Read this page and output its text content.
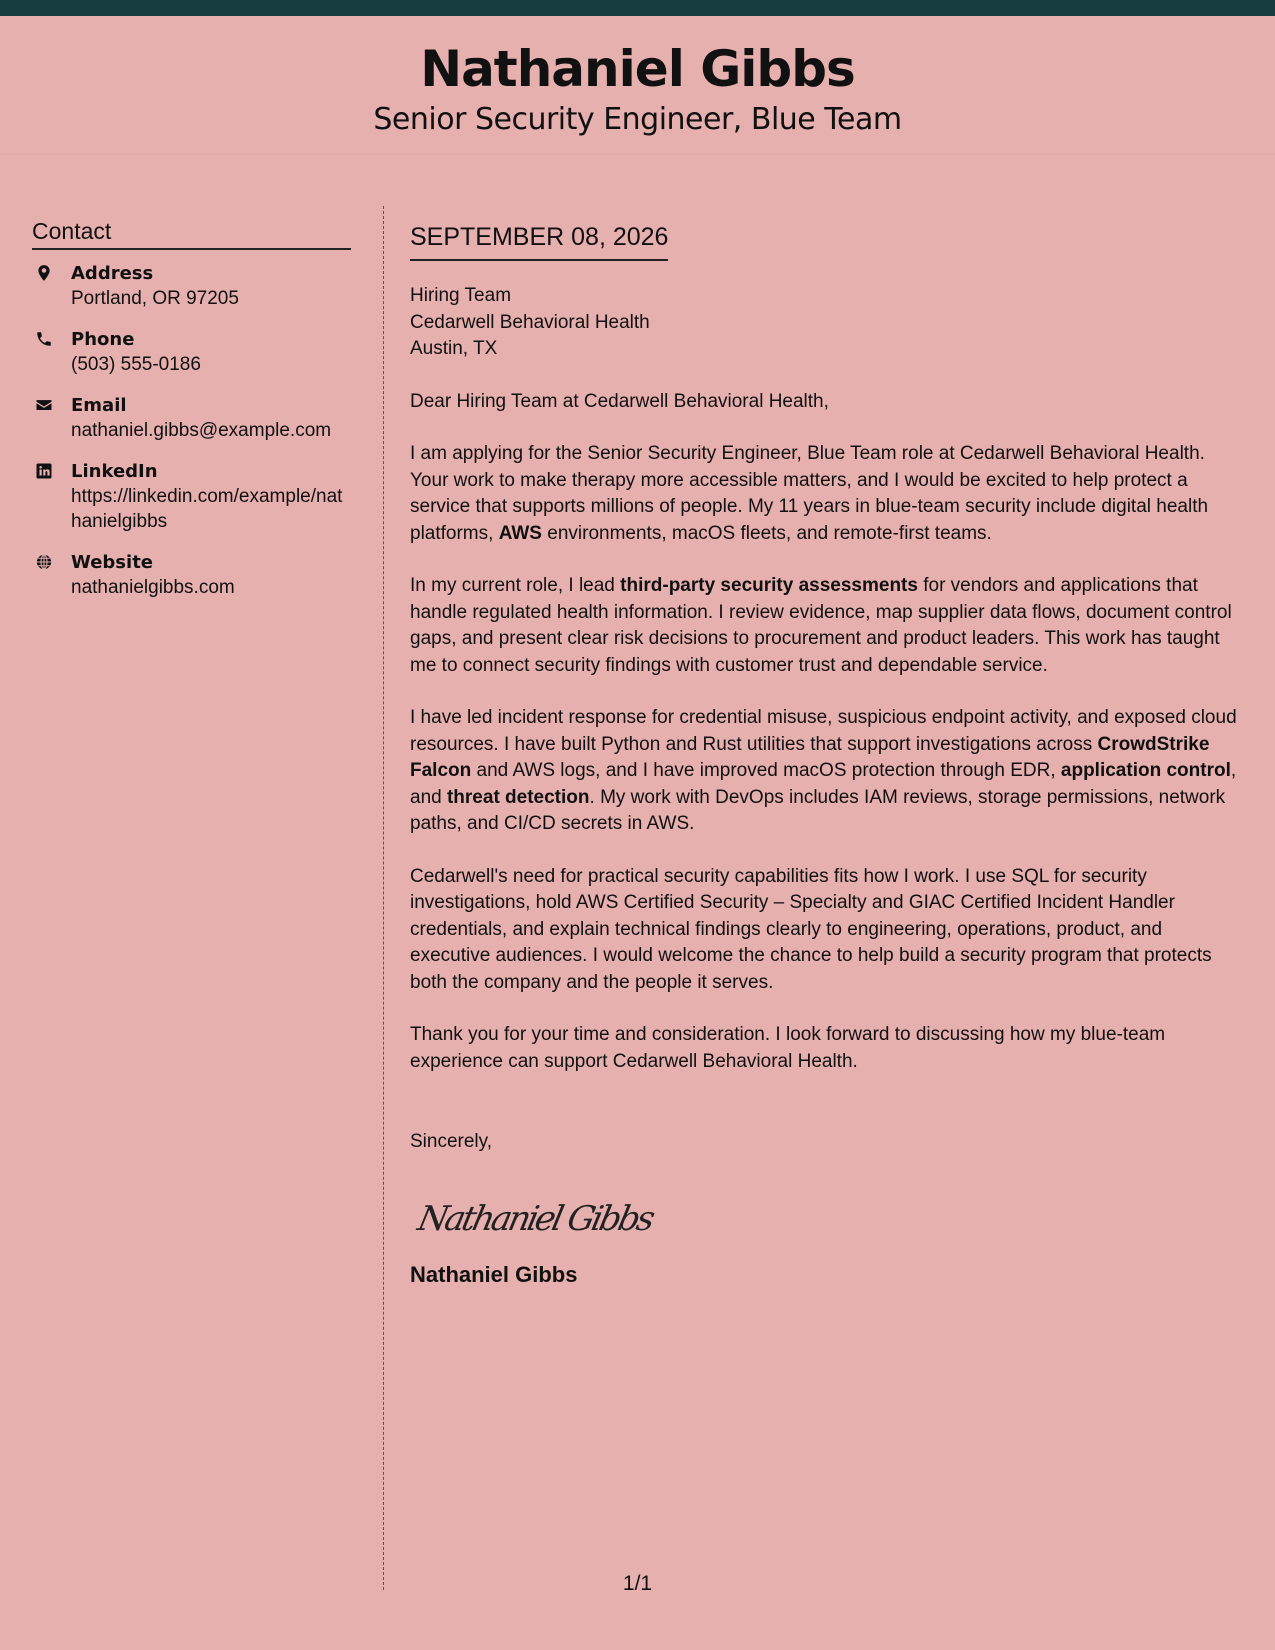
Nathaniel Gibbs
Senior Security Engineer, Blue Team
Contact
Address
Portland, OR 97205
Phone
(503) 555-0186
Email
nathaniel.gibbs@example.com
LinkedIn
https://linkedin.com/example/nathanielgibbs
Website
nathanielgibbs.com
SEPTEMBER 08, 2026
Hiring Team
Cedarwell Behavioral Health
Austin, TX
Dear Hiring Team at Cedarwell Behavioral Health,

I am applying for the Senior Security Engineer, Blue Team role at Cedarwell Behavioral Health. Your work to make therapy more accessible matters, and I would be excited to help protect a service that supports millions of people. My 11 years in blue-team security include digital health platforms, AWS environments, macOS fleets, and remote-first teams.

In my current role, I lead third-party security assessments for vendors and applications that handle regulated health information. I review evidence, map supplier data flows, document control gaps, and present clear risk decisions to procurement and product leaders. This work has taught me to connect security findings with customer trust and dependable service.

I have led incident response for credential misuse, suspicious endpoint activity, and exposed cloud resources. I have built Python and Rust utilities that support investigations across CrowdStrike Falcon and AWS logs, and I have improved macOS protection through EDR, application control, and threat detection. My work with DevOps includes IAM reviews, storage permissions, network paths, and CI/CD secrets in AWS.

Cedarwell's need for practical security capabilities fits how I work. I use SQL for security investigations, hold AWS Certified Security – Specialty and GIAC Certified Incident Handler credentials, and explain technical findings clearly to engineering, operations, product, and executive audiences. I would welcome the chance to help build a security program that protects both the company and the people it serves.

Thank you for your time and consideration. I look forward to discussing how my blue-team experience can support Cedarwell Behavioral Health.

Sincerely,
Nathaniel Gibbs
Nathaniel Gibbs
1/1
